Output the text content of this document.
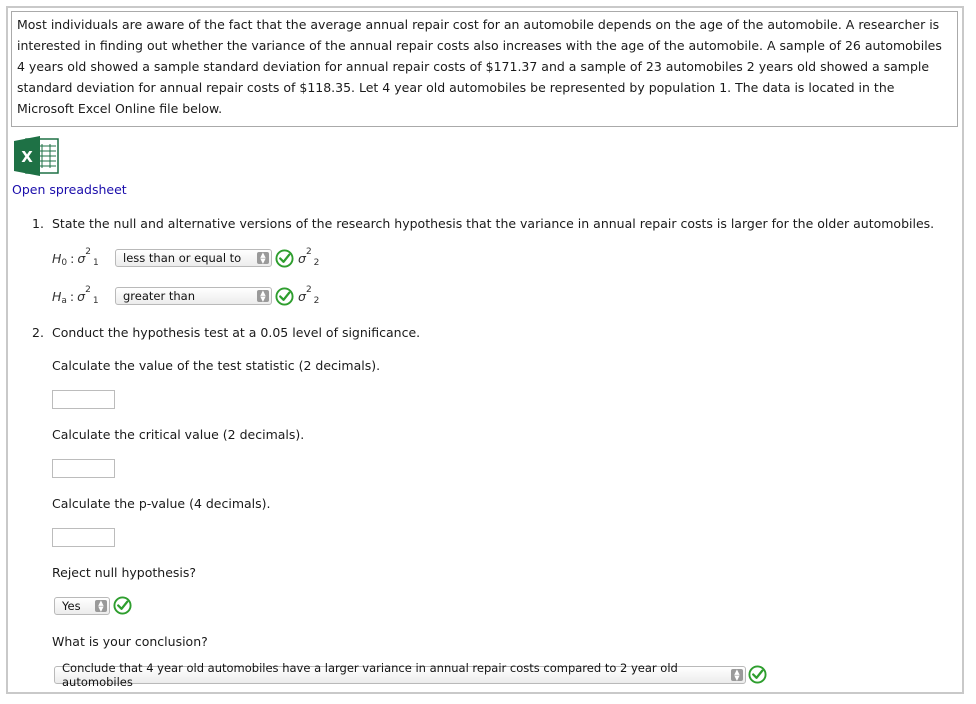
Most individuals are aware of the fact that the average annual repair cost for an automobile depends on the age of the automobile. A researcher is interested in finding out whether the variance of the annual repair costs also increases with the age of the automobile. A sample of 26 automobiles 4 years old showed a sample standard deviation for annual repair costs of $171.37 and a sample of 23 automobiles 2 years old showed a sample standard deviation for annual repair costs of $118.35. Let 4 year old automobiles be represented by population 1. The data is located in the Microsoft Excel Online file below.

X
Open spreadsheet
1. State the null and alternative versions of the research hypothesis that the variance in annual repair costs is larger for the older automobiles.
H 0 : σ 2
1 less than or equal to	▲
▼	σ 2
2
H a : σ 2
1 greater than	▲
▼	σ 2
2
2. Conduct the hypothesis test at a 0.05 level of significance.
Calculate the value of the test statistic (2 decimals).
Calculate the critical value (2 decimals).
Calculate the p-value (4 decimals).
Reject null hypothesis?
Yes	▲
▼
What is your conclusion?
Conclude that 4 year old automobiles have a larger variance in annual repair costs compared to 2 year old automobiles
▲
▼
